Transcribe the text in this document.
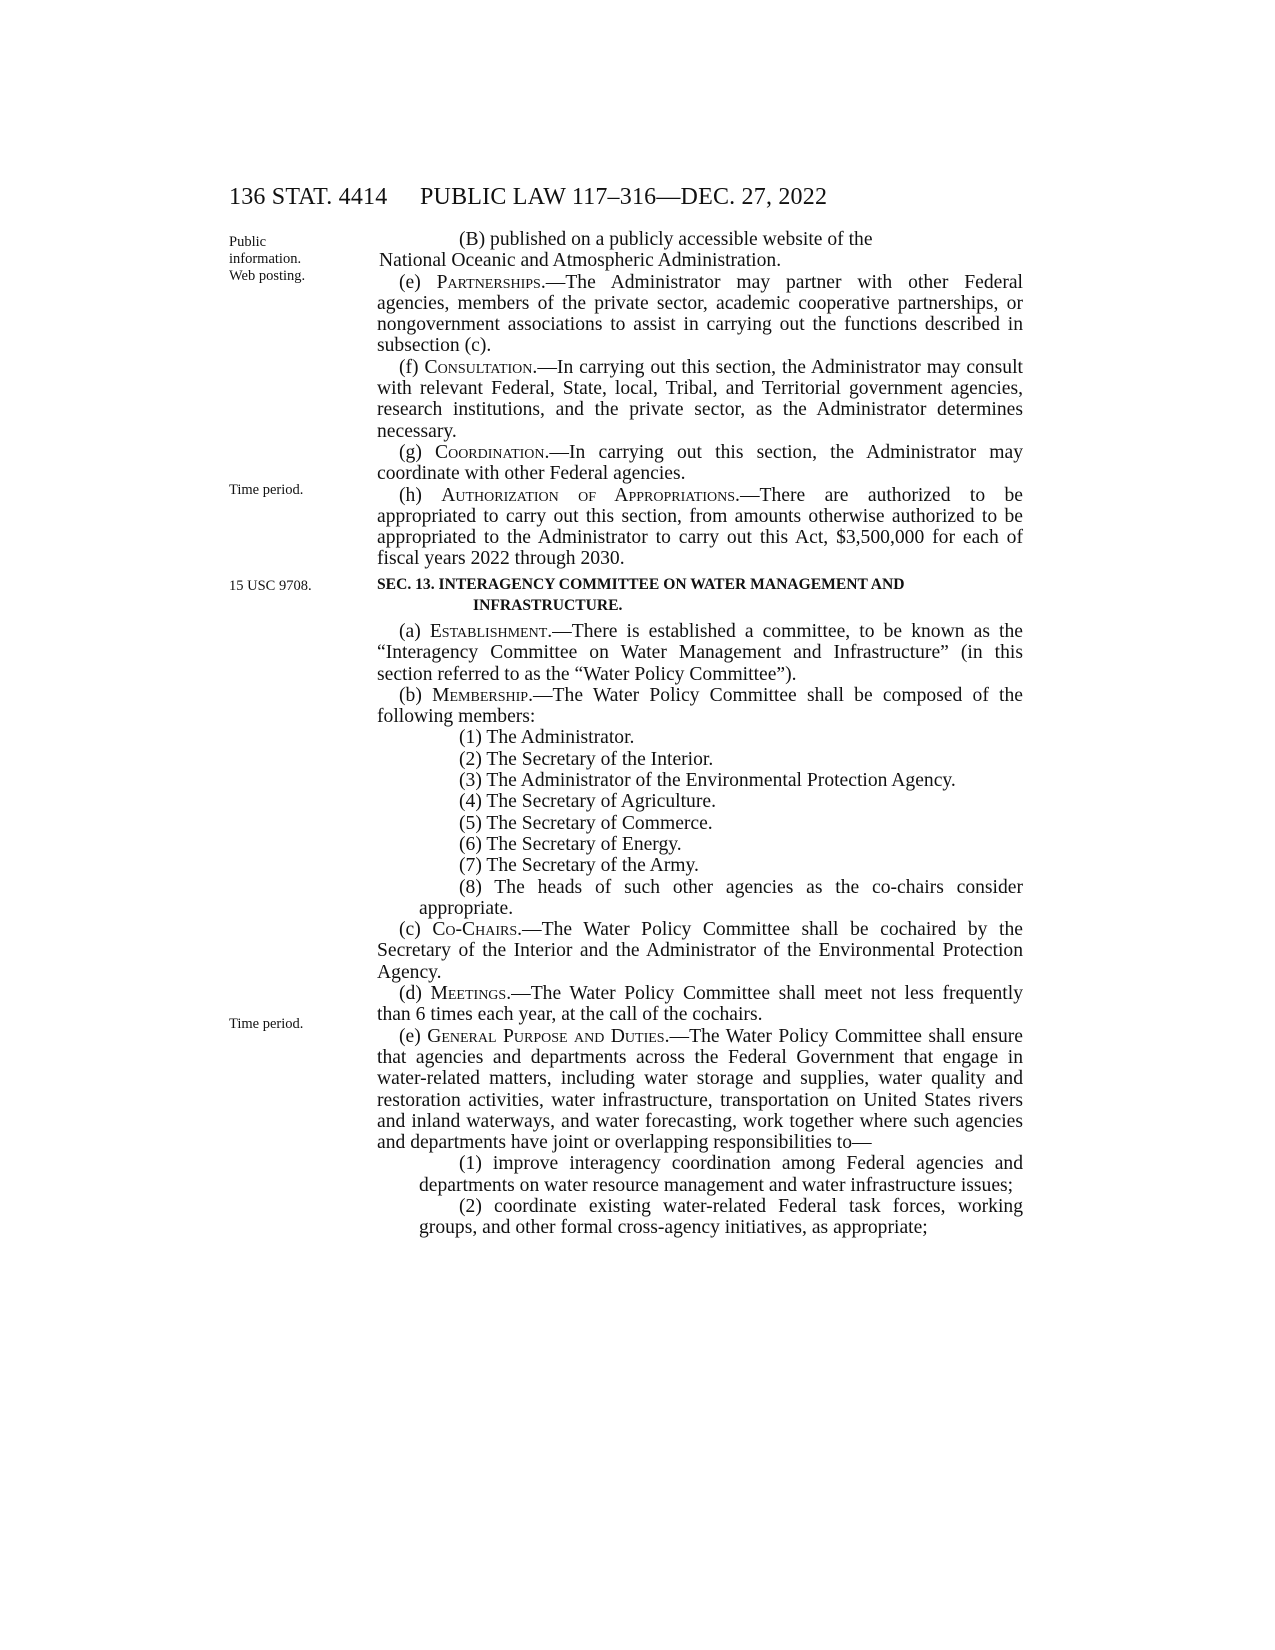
136 STAT. 4414 PUBLIC LAW 117–316—DEC. 27, 2022
Public
information.
Web posting.
Time period.
15 USC 9708.
Time period.

(B) published on a publicly accessible website of the
National Oceanic and Atmospheric Administration.

(e) Partnerships.—The Administrator may partner with other Federal agencies, members of the private sector, academic cooperative partnerships, or nongovernment associations to assist in carrying out the functions described in subsection (c).

(f) Consultation.—In carrying out this section, the Administrator may consult with relevant Federal, State, local, Tribal, and Territorial government agencies, research institutions, and the private sector, as the Administrator determines necessary.

(g) Coordination.—In carrying out this section, the Administrator may coordinate with other Federal agencies.

(h) Authorization of Appropriations.—There are authorized to be appropriated to carry out this section, from amounts otherwise authorized to be appropriated to the Administrator to carry out this Act, $3,500,000 for each of fiscal years 2022 through 2030.

SEC. 13. INTERAGENCY COMMITTEE ON WATER MANAGEMENT AND
INFRASTRUCTURE.

(a) Establishment.—There is established a committee, to be known as the “Interagency Committee on Water Management and Infrastructure” (in this section referred to as the “Water Policy Committee”).

(b) Membership.—The Water Policy Committee shall be composed of the following members:

(1) The Administrator.

(2) The Secretary of the Interior.

(3) The Administrator of the Environmental Protection Agency.

(4) The Secretary of Agriculture.

(5) The Secretary of Commerce.

(6) The Secretary of Energy.

(7) The Secretary of the Army.

(8) The heads of such other agencies as the co-chairs consider appropriate.

(c) Co-Chairs.—The Water Policy Committee shall be cochaired by the Secretary of the Interior and the Administrator of the Environmental Protection Agency.

(d) Meetings.—The Water Policy Committee shall meet not less frequently than 6 times each year, at the call of the cochairs.

(e) General Purpose and Duties.—The Water Policy Committee shall ensure that agencies and departments across the Federal Government that engage in water-related matters, including water storage and supplies, water quality and restoration activities, water infrastructure, transportation on United States rivers and inland waterways, and water forecasting, work together where such agencies and departments have joint or overlapping responsibilities to—

(1) improve interagency coordination among Federal agencies and departments on water resource management and water infrastructure issues;

(2) coordinate existing water-related Federal task forces, working groups, and other formal cross-agency initiatives, as appropriate;
